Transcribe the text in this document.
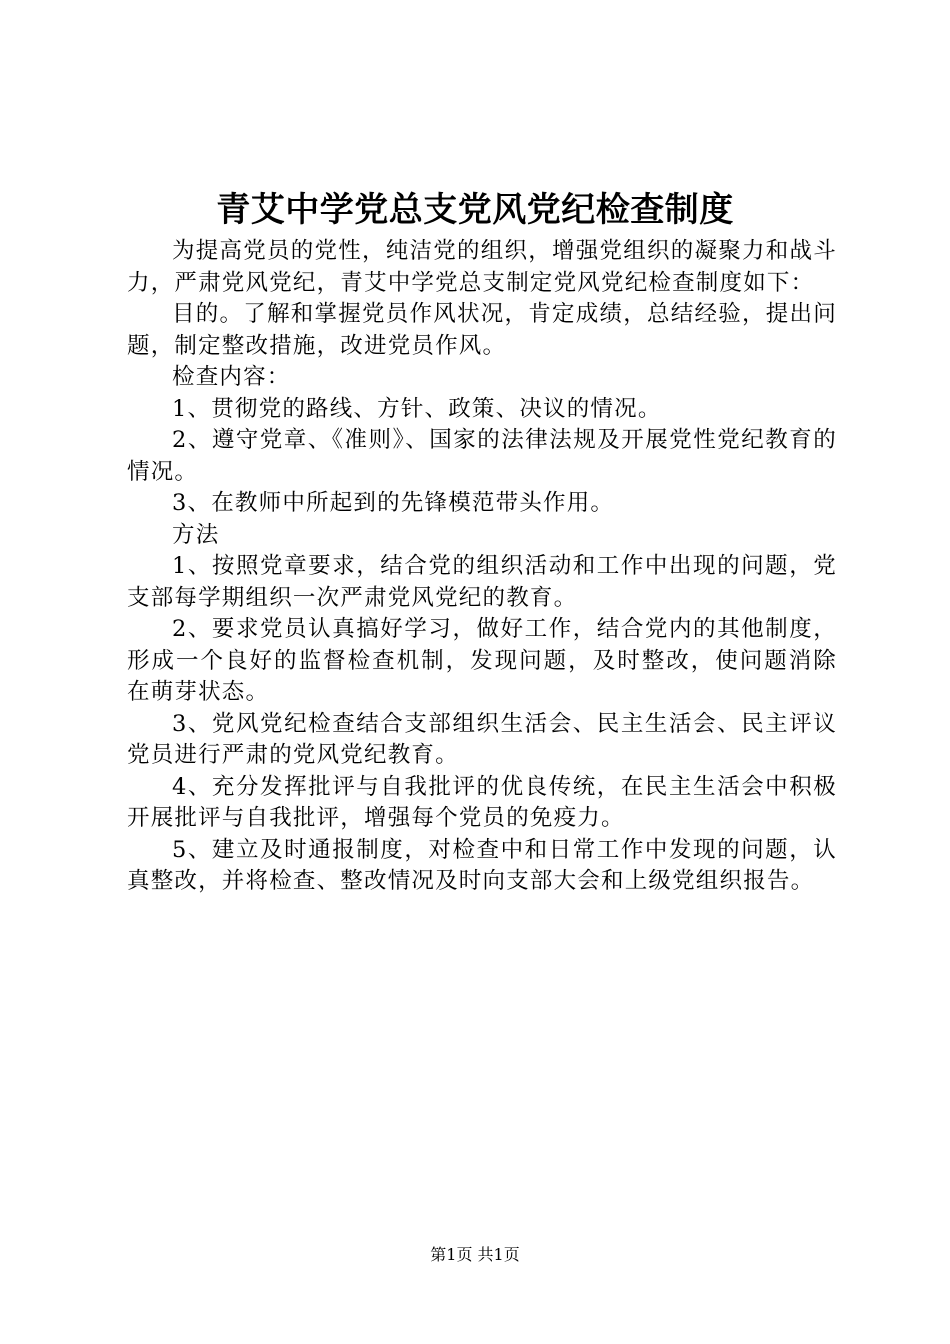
青艾中学党总支党风党纪检查制度

为提高党员的党性，纯洁党的组织，增强党组织的凝聚力和战斗力，严肃党风党纪，青艾中学党总支制定党风党纪检查制度如下：

目的。了解和掌握党员作风状况，肯定成绩，总结经验，提出问题，制定整改措施，改进党员作风。

检查内容：

1、贯彻党的路线、方针、政策、决议的情况。

2、遵守党章、《准则》、国家的法律法规及开展党性党纪教育的情况。

3、在教师中所起到的先锋模范带头作用。

方法

1、按照党章要求，结合党的组织活动和工作中出现的问题，党支部每学期组织一次严肃党风党纪的教育。

2、要求党员认真搞好学习，做好工作，结合党内的其他制度，形成一个良好的监督检查机制，发现问题，及时整改，使问题消除在萌芽状态。

3、党风党纪检查结合支部组织生活会、民主生活会、民主评议党员进行严肃的党风党纪教育。

4、充分发挥批评与自我批评的优良传统，在民主生活会中积极开展批评与自我批评，增强每个党员的免疫力。

5、建立及时通报制度，对检查中和日常工作中发现的问题，认真整改，并将检查、整改情况及时向支部大会和上级党组织报告。

第1页 共1页
